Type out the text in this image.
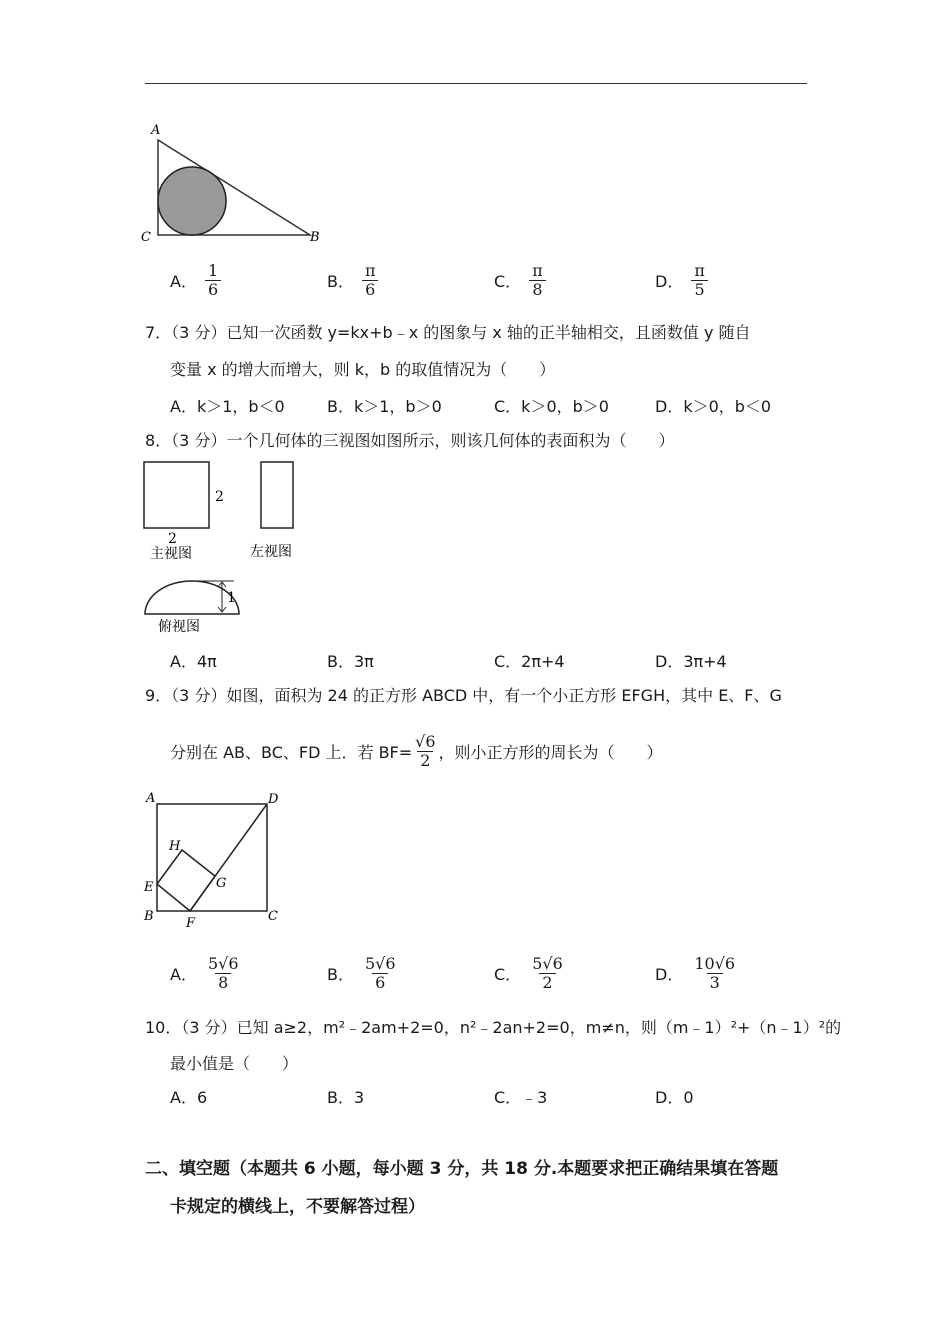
A
C	B
A． $\frac{1}{6}$	B． $\frac{\pi}{6}$	C． $\frac{\pi}{8}$	D． $\frac{\pi}{5}$
7．（3 分）已知一次函数 y=kx+b﹣x 的图象与 x 轴的正半轴相交，且函数值 y 随自
变量 x 的增大而增大，则 k，b 的取值情况为（　　）
A．k＞1，b＜0	B．k＞1，b＞0	C．k＞0，b＞0	D．k＞0，b＜0
8．（3 分）一个几何体的三视图如图所示，则该几何体的表面积为（　　）
2
2
主视图	左视图
1
俯视图
A．4π	B．3π	C．2π+4	D．3π+4
9．（3 分）如图，面积为 24 的正方形 ABCD 中，有一个小正方形 EFGH，其中 E、F、G
分别在 AB、BC、FD 上．若 $BF= \frac{√6}{2}$ ，则小正方形的周长为（　　）
A	D
H
E	G
B F	C
A． $\frac{5√6}{8}$	B． $\frac{5√6}{6}$	C． $\frac{5√6}{2}$	D． $\frac{10√6}{3}$
10．（3 分）已知 a≥2，m²﹣2am+2=0，n²﹣2an+2=0，m≠n，则（m﹣1）²+（n﹣1）²的
最小值是（　　）
A．6	B．3	C．﹣3	D．0
二、填空题（本题共 6 小题，每小题 3 分，共 18 分.本题要求把正确结果填在答题
卡规定的横线上，不要解答过程）
